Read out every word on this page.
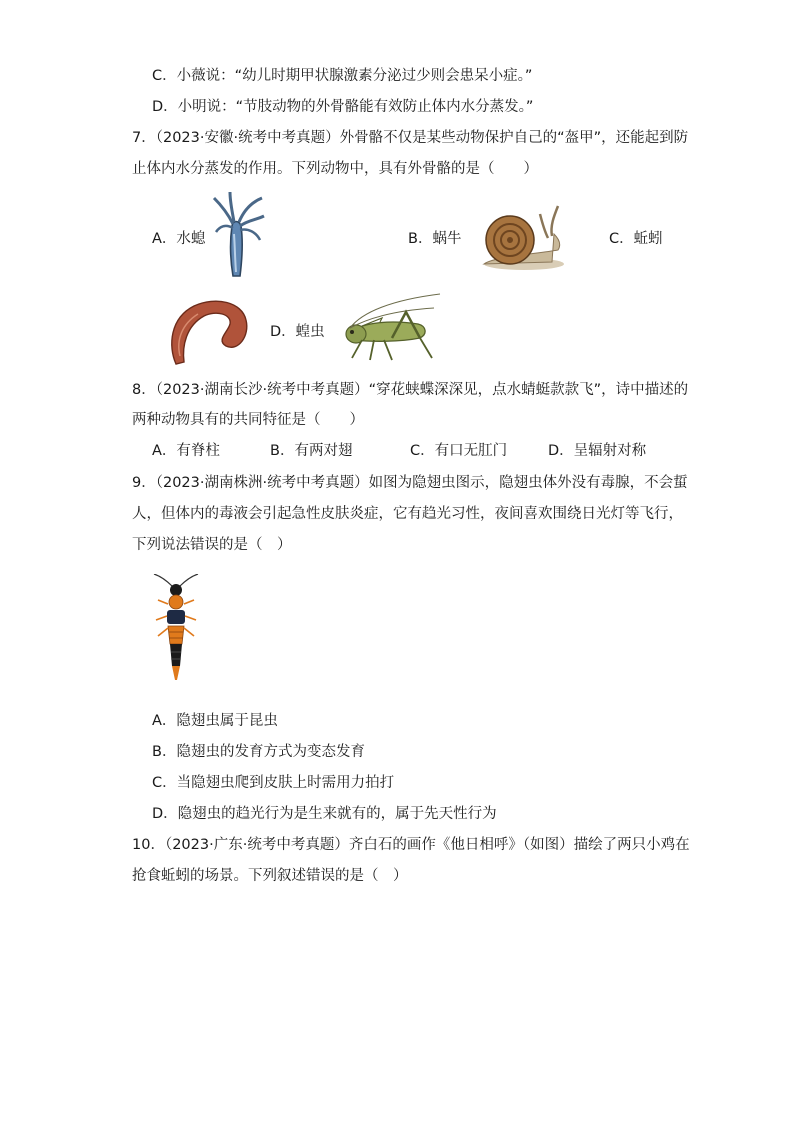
C．小薇说：“幼儿时期甲状腺激素分泌过少则会患呆小症。”
D．小明说：“节肢动物的外骨骼能有效防止体内水分蒸发。”
7．（2023·安徽·统考中考真题）外骨骼不仅是某些动物保护自己的“盔甲”，还能起到防
止体内水分蒸发的作用。下列动物中，具有外骨骼的是（　　）
A．水螅	B．蜗牛	C．蚯蚓
D．蝗虫
8．（2023·湖南长沙·统考中考真题）“穿花蛱蝶深深见，点水蜻蜓款款飞”，诗中描述的
两种动物具有的共同特征是（　　）
A．有脊柱	B．有两对翅	C．有口无肛门	D．呈辐射对称
9．（2023·湖南株洲·统考中考真题）如图为隐翅虫图示，隐翅虫体外没有毒腺，不会蜇
人，但体内的毒液会引起急性皮肤炎症，它有趋光习性，夜间喜欢围绕日光灯等飞行，
下列说法错误的是（　）
A．隐翅虫属于昆虫
B．隐翅虫的发育方式为变态发育
C．当隐翅虫爬到皮肤上时需用力拍打
D．隐翅虫的趋光行为是生来就有的，属于先天性行为
10．（2023·广东·统考中考真题）齐白石的画作《他日相呼》（如图）描绘了两只小鸡在
抢食蚯蚓的场景。下列叙述错误的是（　）
